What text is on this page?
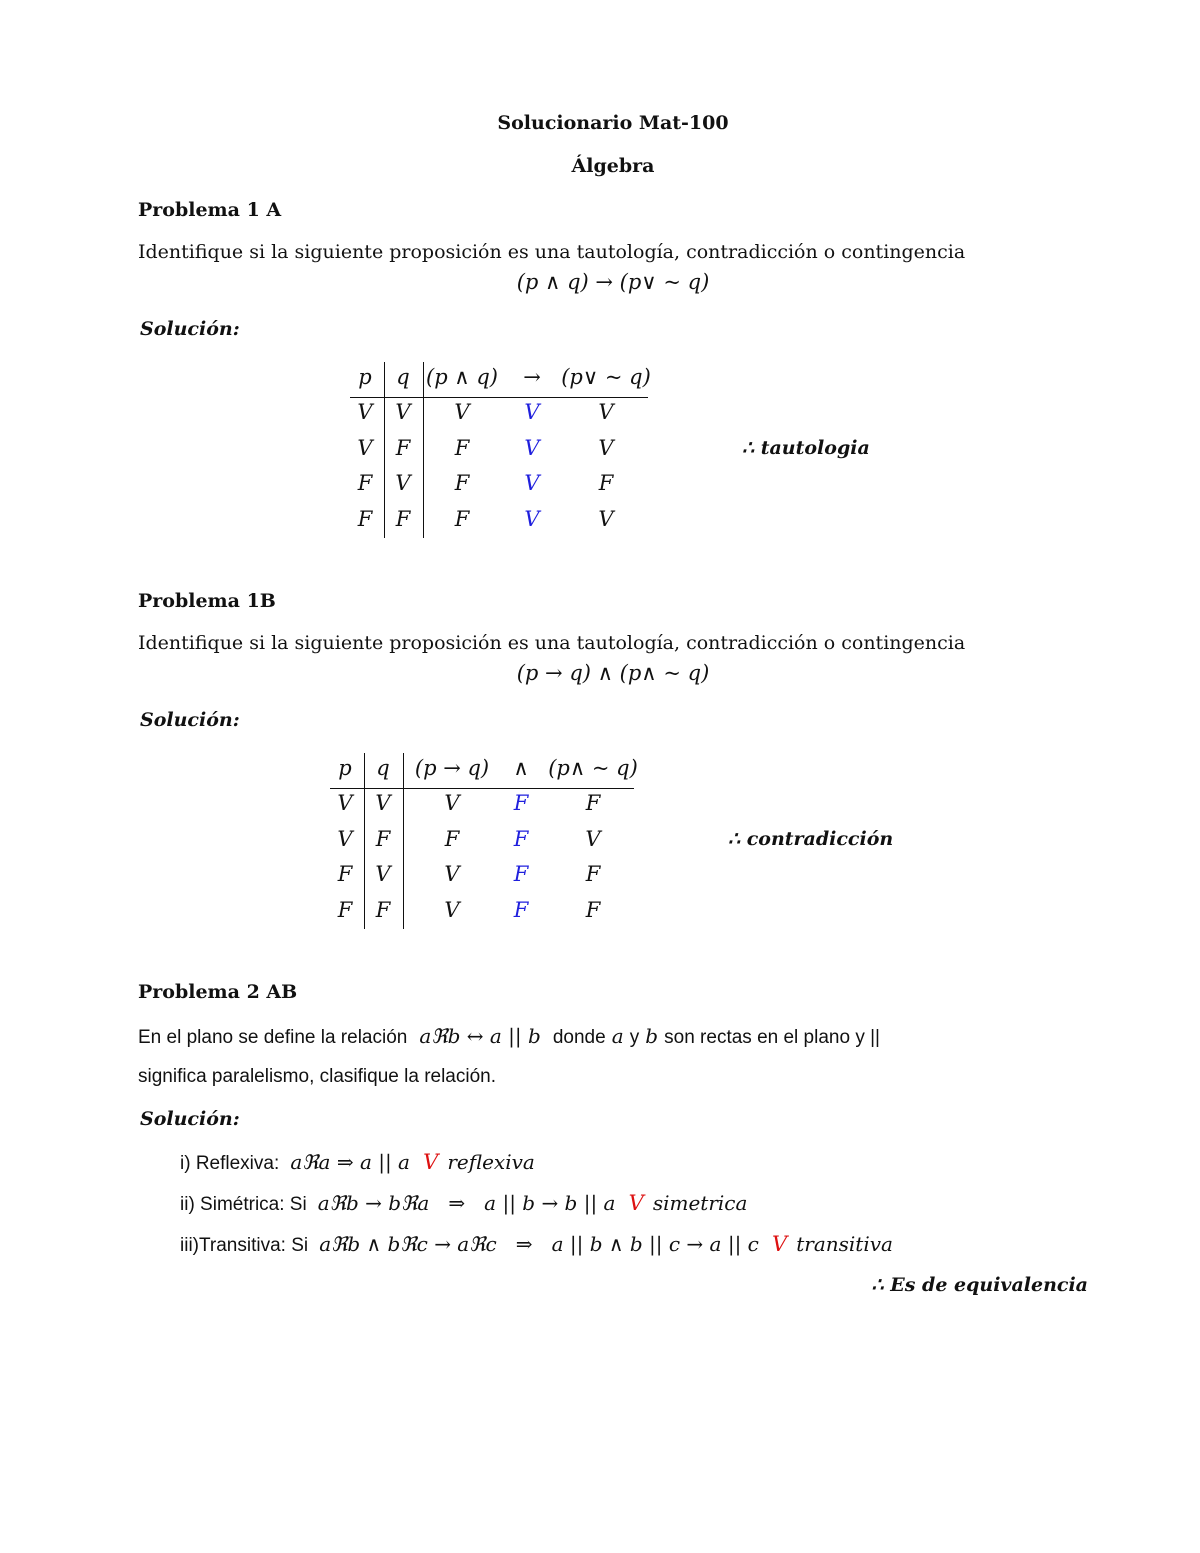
Solucionario Mat-100
Álgebra
Problema 1 A
Identifique si la siguiente proposición es una tautología, contradicción o contingencia
(p ∧ q) → (p∨ ~ q)
Solución:
p q (p ∧ q) → (p∨ ~ q)
V V V	V	V
V F F	V	V
F V F	V	F
F F F	V	V
∴ tautologia
Problema 1B
Identifique si la siguiente proposición es una tautología, contradicción o contingencia
(p → q) ∧ (p∧ ~ q)
Solución:
p q (p → q) ∧ (p∧ ~ q)
V V	V	F	F
V F	F	F	V
F V	V	F	F
F F	V	F	F
∴ contradicción
Problema 2 AB
En el plano se define la relación aℜb ↔ a || b donde a y b son rectas en el plano y ||
significa paralelismo, clasifique la relación.
Solución:
i) Reflexiva: aℜa ⇒ a || a V reflexiva
ii) Simétrica: Si aℜb → bℜa   ⇒   a || b → b || a V simetrica
iii)Transitiva: Si aℜb ∧ bℜc → aℜc   ⇒   a || b ∧ b || c → a || c V transitiva
∴ Es de equivalencia
